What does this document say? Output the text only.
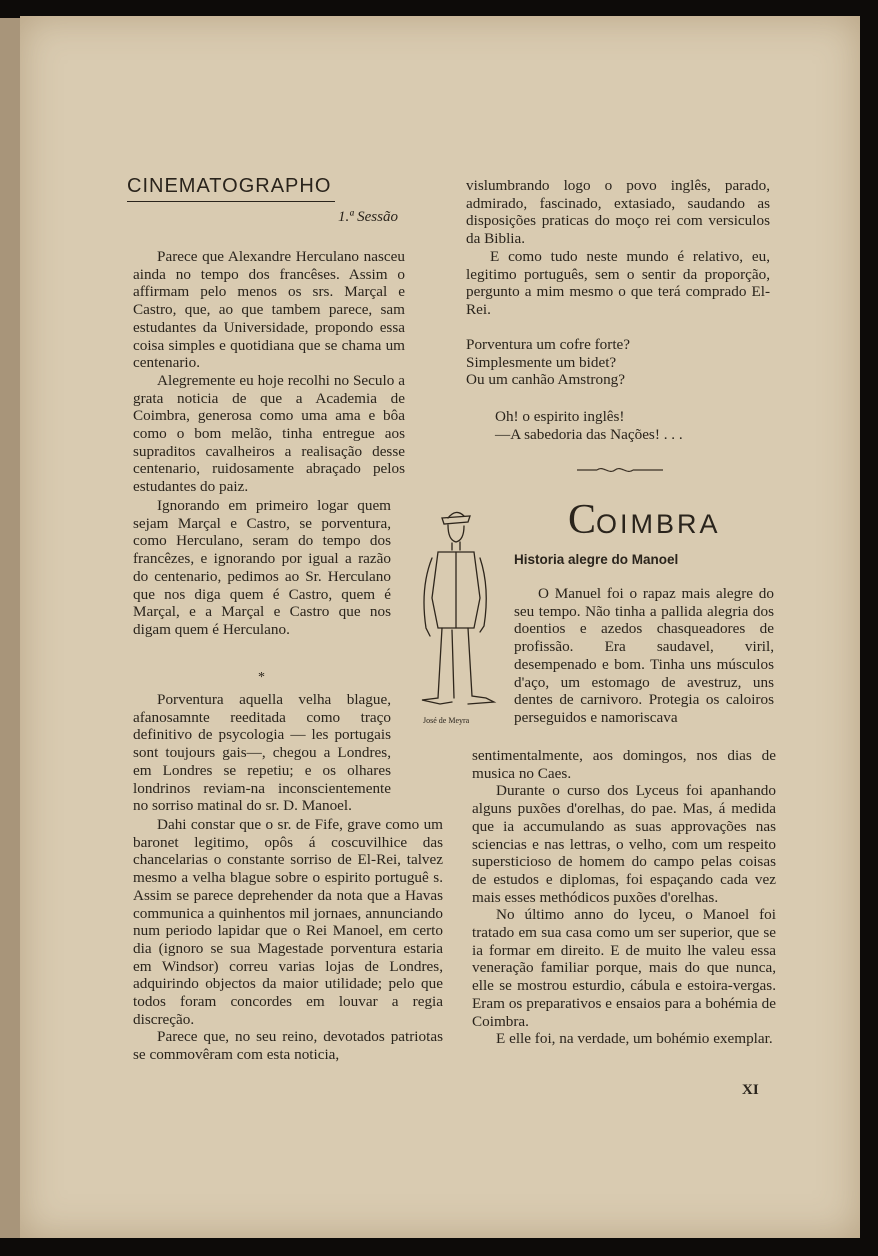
CINEMATOGRAPHO
1.ª Sessão

Parece que Alexandre Herculano nasceu ainda no tempo dos francêses. Assim o affirmam pelo menos os srs. Marçal e Castro, que, ao que tambem parece, sam estudantes da Universidade, propondo essa coisa simples e quotidiana que se chama um centenario.

Alegremente eu hoje recolhi no Seculo a grata noticia de que a Academia de Coimbra, generosa como uma ama e bôa como o bom melão, tinha entregue aos supraditos cavalheiros a realisação desse centenario, ruidosamente abraçado pelos estudantes do paiz.

Ignorando em primeiro logar quem sejam Marçal e Castro, se porventura, como Herculano, seram do tempo dos francêzes, e ignorando por igual a razão do centenario, pedimos ao Sr. Herculano que nos diga quem é Castro, quem é Marçal, e a Marçal e Castro que nos digam quem é Herculano.

*

Porventura aquella velha blague, afanosamnte reeditada como traço definitivo de psycologia — les portugais sont toujours gais—, chegou a Londres, em Londres se repetiu; e os olhares londrinos reviam-na inconscientemente no sorriso matinal do sr. D. Manoel.

Dahi constar que o sr. de Fife, grave como um baronet legitimo, opôs á coscuvilhice das chancelarias o constante sorriso de El-Rei, talvez mesmo a velha blague sobre o espirito portuguê s. Assim se parece deprehender da nota que a Havas communica a quinhentos mil jornaes, annunciando num periodo lapidar que o Rei Manoel, em certo dia (ignoro se sua Magestade porventura estaria em Windsor) correu varias lojas de Londres, adquirindo objectos da maior utilidade; pelo que todos foram concordes em louvar a regia discreção.

Parece que, no seu reino, devotados patriotas se commovêram com esta noticia,

vislumbrando logo o povo inglês, parado, admirado, fascinado, extasiado, saudando as disposições praticas do moço rei com versiculos da Biblia.

E como tudo neste mundo é relativo, eu, legitimo português, sem o sentir da proporção, pergunto a mim mesmo o que terá comprado El-Rei.

Porventura um cofre forte?

Simplesmente um bidet?

Ou um canhão Amstrong?

Oh! o espirito inglês!

—A sabedoria das Nações! . . .

COIMBRA
Historia alegre do Manoel

O Manuel foi o rapaz mais alegre do seu tempo. Não tinha a pallida alegria dos doentios e azedos chasqueadores de profissão. Era saudavel, viril, desempenado e bom. Tinha uns músculos d'aço, um estomago de avestruz, uns dentes de carnivoro. Protegia os caloiros perseguidos e namoriscava

sentimentalmente, aos domingos, nos dias de musica no Caes.

Durante o curso dos Lyceus foi apanhando alguns puxões d'orelhas, do pae. Mas, á medida que ia accumulando as suas approvações nas sciencias e nas lettras, o velho, com um respeito supersticioso de homem do campo pelas coisas de estudos e diplomas, foi espaçando cada vez mais esses methódicos puxões d'orelhas.

No último anno do lyceu, o Manoel foi tratado em sua casa como um ser superior, que se ia formar em direito. E de muito lhe valeu essa veneração familiar porque, mais do que nunca, elle se mostrou esturdio, cábula e estoira-vergas. Eram os preparativos e ensaios para a bohémia de Coimbra.

E elle foi, na verdade, um bohémio exemplar.

José de Meyra
XI
